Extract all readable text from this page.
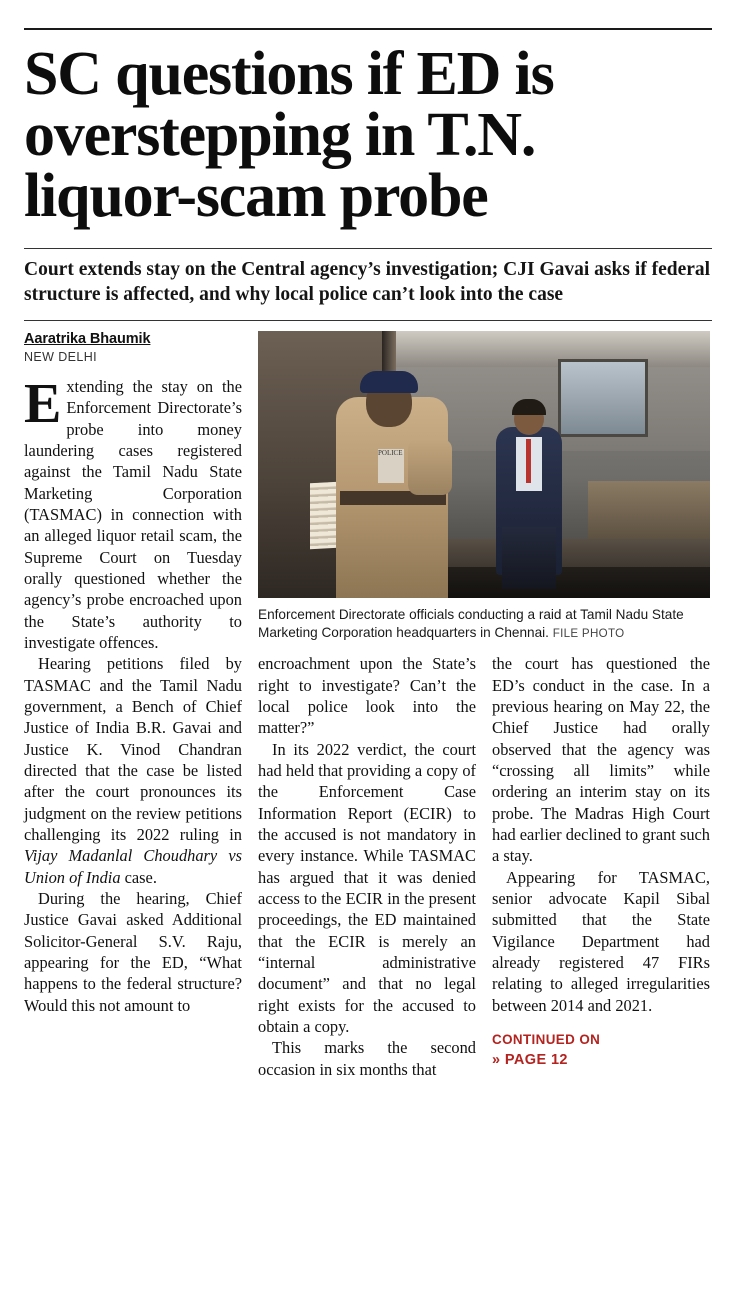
SC questions if ED is
overstepping in T.N.
liquor-scam probe

Court extends stay on the Central agency’s investigation; CJI Gavai asks if federal structure is affected, and why local police can’t look into the case

Aaratrika Bhaumik
NEW DELHI

Extending the stay on the Enforcement Directorate’s probe into money laundering cases registered against the Tamil Nadu State Marketing Corporation (TASMAC) in connection with an alleged liquor retail scam, the Supreme Court on Tuesday orally questioned whether the agency’s probe encroached upon the State’s authority to investigate offences.

Hearing petitions filed by TASMAC and the Tamil Nadu government, a Bench of Chief Justice of India B.R. Gavai and Justice K. Vinod Chandran directed that the case be listed after the court pronounces its judgment on the review petitions challenging its 2022 ruling in Vijay Madanlal Choudhary vs Union of India case.

During the hearing, Chief Justice Gavai asked Additional Solicitor-General S.V. Raju, appearing for the ED, “What happens to the federal structure? Would this not amount to

POLICE

Enforcement Directorate officials conducting a raid at Tamil Nadu State Marketing Corporation headquarters in Chennai. FILE PHOTO

encroachment upon the State’s right to investigate? Can’t the local police look into the matter?”

In its 2022 verdict, the court had held that providing a copy of the Enforcement Case Information Report (ECIR) to the accused is not mandatory in every instance. While TASMAC has argued that it was denied access to the ECIR in the present proceedings, the ED maintained that the ECIR is merely an “internal administrative document” and that no legal right exists for the accused to obtain a copy.

This marks the second occasion in six months that

the court has questioned the ED’s conduct in the case. In a previous hearing on May 22, the Chief Justice had orally observed that the agency was “crossing all limits” while ordering an interim stay on its probe. The Madras High Court had earlier declined to grant such a stay.

Appearing for TASMAC, senior advocate Kapil Sibal submitted that the State Vigilance Department had already registered 47 FIRs relating to alleged irregularities between 2014 and 2021.

CONTINUED ON
» PAGE 12
